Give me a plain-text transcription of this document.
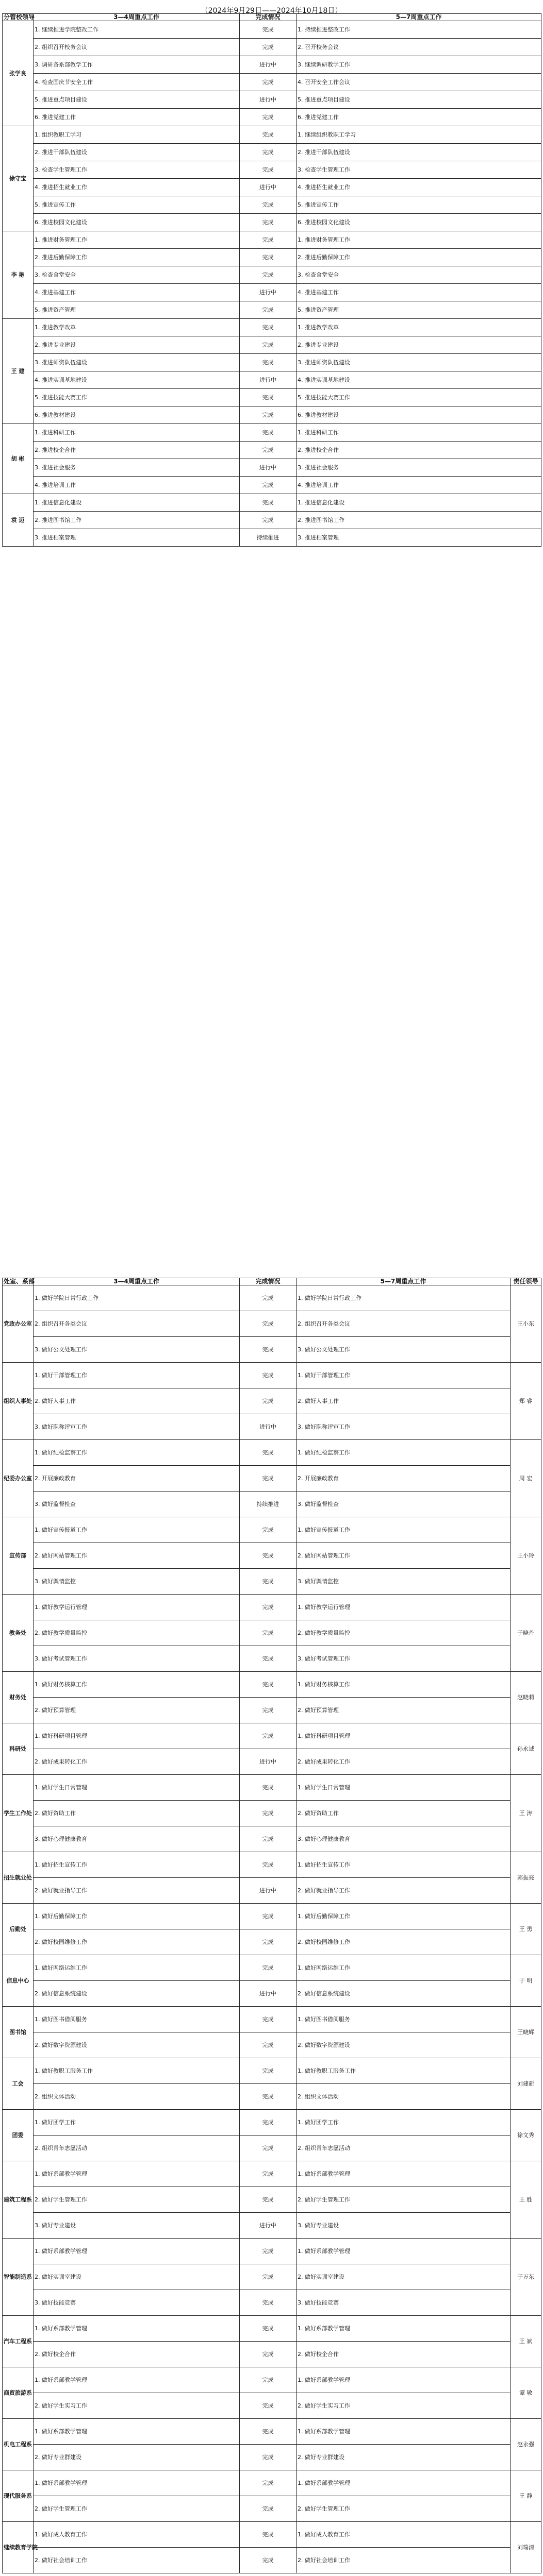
（2024年9月29日——2024年10月18日）
分管校领导	3—4周重点工作	完成情况	5—7周重点工作
张学良	1. 继续推进学院整改工作	完成	1. 持续推进整改工作
	2. 组织召开校务会议	完成	2. 召开校务会议
	3. 调研各系部教学工作	进行中	3. 继续调研教学工作
	4. 检查国庆节安全工作	完成	4. 召开安全工作会议
	5. 推进重点项目建设	进行中	5. 推进重点项目建设
	6. 推进党建工作	完成	6. 推进党建工作
徐守宝	1. 组织教职工学习	完成	1. 继续组织教职工学习
	2. 推进干部队伍建设	完成	2. 推进干部队伍建设
	3. 检查学生管理工作	完成	3. 检查学生管理工作
	4. 推进招生就业工作	进行中	4. 推进招生就业工作
	5. 推进宣传工作	完成	5. 推进宣传工作
	6. 推进校园文化建设	完成	6. 推进校园文化建设
李 艳	1. 推进财务管理工作	完成	1. 推进财务管理工作
	2. 推进后勤保障工作	完成	2. 推进后勤保障工作
	3. 检查食堂安全	完成	3. 检查食堂安全
	4. 推进基建工作	进行中	4. 推进基建工作
	5. 推进资产管理	完成	5. 推进资产管理
王 建	1. 推进教学改革	完成	1. 推进教学改革
	2. 推进专业建设	完成	2. 推进专业建设
	3. 推进师资队伍建设	完成	3. 推进师资队伍建设
	4. 推进实训基地建设	进行中	4. 推进实训基地建设
	5. 推进技能大赛工作	完成	5. 推进技能大赛工作
	6. 推进教材建设	完成	6. 推进教材建设
胡 彬	1. 推进科研工作	完成	1. 推进科研工作
	2. 推进校企合作	完成	2. 推进校企合作
	3. 推进社会服务	进行中	3. 推进社会服务
	4. 推进培训工作	完成	4. 推进培训工作
袁 迈	1. 推进信息化建设	完成	1. 推进信息化建设
	2. 推进图书馆工作	完成	2. 推进图书馆工作
	3. 推进档案管理	持续推进	3. 推进档案管理
处室、系部	3—4周重点工作	完成情况	5—7周重点工作	责任领导
党政办公室	1. 做好学院日常行政工作	完成	1. 做好学院日常行政工作	王小东
	2. 组织召开各类会议	完成	2. 组织召开各类会议	
	3. 做好公文处理工作	完成	3. 做好公文处理工作	
组织人事处	1. 做好干部管理工作	完成	1. 做好干部管理工作	郑 睿
	2. 做好人事工作	完成	2. 做好人事工作	
	3. 做好职称评审工作	进行中	3. 做好职称评审工作	
纪委办公室	1. 做好纪检监察工作	完成	1. 做好纪检监察工作	周 宏
	2. 开展廉政教育	完成	2. 开展廉政教育	
	3. 做好监督检查	持续推进	3. 做好监督检查	
宣传部	1. 做好宣传报道工作	完成	1. 做好宣传报道工作	王小玲
	2. 做好网站管理工作	完成	2. 做好网站管理工作	
	3. 做好舆情监控	完成	3. 做好舆情监控	
教务处	1. 做好教学运行管理	完成	1. 做好教学运行管理	于晓丹
	2. 做好教学质量监控	完成	2. 做好教学质量监控	
	3. 做好考试管理工作	完成	3. 做好考试管理工作	
财务处	1. 做好财务核算工作	完成	1. 做好财务核算工作	赵晓莉
	2. 做好预算管理	完成	2. 做好预算管理	
科研处	1. 做好科研项目管理	完成	1. 做好科研项目管理	孙永诚
	2. 做好成果转化工作	进行中	2. 做好成果转化工作	
学生工作处	1. 做好学生日常管理	完成	1. 做好学生日常管理	王 涛
	2. 做好资助工作	完成	2. 做好资助工作	
	3. 做好心理健康教育	完成	3. 做好心理健康教育	
招生就业处	1. 做好招生宣传工作	完成	1. 做好招生宣传工作	郭振亮
	2. 做好就业指导工作	进行中	2. 做好就业指导工作	
后勤处	1. 做好后勤保障工作	完成	1. 做好后勤保障工作	王 勇
	2. 做好校园维修工作	完成	2. 做好校园维修工作	
信息中心	1. 做好网络运维工作	完成	1. 做好网络运维工作	于 明
	2. 做好信息系统建设	进行中	2. 做好信息系统建设	
图书馆	1. 做好图书借阅服务	完成	1. 做好图书借阅服务	王晓辉
	2. 做好数字资源建设	完成	2. 做好数字资源建设	
工会	1. 做好教职工服务工作	完成	1. 做好教职工服务工作	刘建新
	2. 组织文体活动	完成	2. 组织文体活动	
团委	1. 做好团学工作	完成	1. 做好团学工作	徐文秀
	2. 组织青年志愿活动	完成	2. 组织青年志愿活动	
建筑工程系	1. 做好系部教学管理	完成	1. 做好系部教学管理	王 胜
	2. 做好学生管理工作	完成	2. 做好学生管理工作	
	3. 做好专业建设	进行中	3. 做好专业建设	
智能制造系	1. 做好系部教学管理	完成	1. 做好系部教学管理	于万东
	2. 做好实训室建设	完成	2. 做好实训室建设	
	3. 做好技能竞赛	完成	3. 做好技能竞赛	
汽车工程系	1. 做好系部教学管理	完成	1. 做好系部教学管理	王 斌
	2. 做好校企合作	完成	2. 做好校企合作	
商贸旅游系	1. 做好系部教学管理	完成	1. 做好系部教学管理	谭 敏
	2. 做好学生实习工作	完成	2. 做好学生实习工作	
机电工程系	1. 做好系部教学管理	完成	1. 做好系部教学管理	赵永强
	2. 做好专业群建设	完成	2. 做好专业群建设	
现代服务系	1. 做好系部教学管理	完成	1. 做好系部教学管理	王 静
	2. 做好学生管理工作	完成	2. 做好学生管理工作	
继续教育学院	1. 做好成人教育工作	完成	1. 做好成人教育工作	刘瑞清
	2. 做好社会培训工作	完成	2. 做好社会培训工作	
